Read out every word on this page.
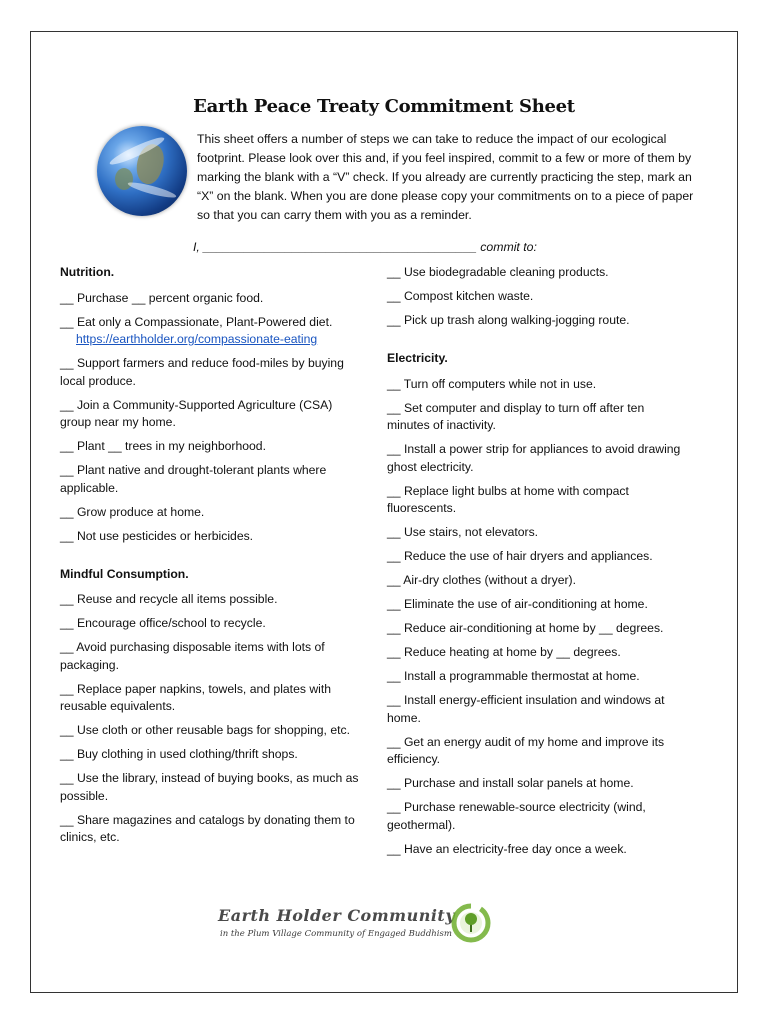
Earth Peace Treaty Commitment Sheet
This sheet offers a number of steps we can take to reduce the impact of our ecological footprint. Please look over this and, if you feel inspired, commit to a few or more of them by marking the blank with a “V” check. If you already are currently practicing the step, mark an “X” on the blank. When you are done please copy your commitments on to a piece of paper so that you can carry them with you as a reminder.
I, ________________________________________ commit to:
Nutrition.
__ Purchase __ percent organic food.
__ Eat only a Compassionate, Plant-Powered diet.
https://earthholder.org/compassionate-eating
__ Support farmers and reduce food-miles by buying local produce.
__ Join a Community-Supported Agriculture (CSA) group near my home.
__ Plant __ trees in my neighborhood.
__ Plant native and drought-tolerant plants where applicable.
__ Grow produce at home.
__ Not use pesticides or herbicides.
Mindful Consumption.
__ Reuse and recycle all items possible.
__ Encourage office/school to recycle.
__ Avoid purchasing disposable items with lots of packaging.
__ Replace paper napkins, towels, and plates with reusable equivalents.
__ Use cloth or other reusable bags for shopping, etc.
__ Buy clothing in used clothing/thrift shops.
__ Use the library, instead of buying books, as much as possible.
__ Share magazines and catalogs by donating them to clinics, etc.
__ Use biodegradable cleaning products.
__ Compost kitchen waste.
__ Pick up trash along walking-jogging route.
Electricity.
__ Turn off computers while not in use.
__ Set computer and display to turn off after ten minutes of inactivity.
__ Install a power strip for appliances to avoid drawing ghost electricity.
__ Replace light bulbs at home with compact fluorescents.
__ Use stairs, not elevators.
__ Reduce the use of hair dryers and appliances.
__ Air-dry clothes (without a dryer).
__ Eliminate the use of air-conditioning at home.
__ Reduce air-conditioning at home by __ degrees.
__ Reduce heating at home by __ degrees.
__ Install a programmable thermostat at home.
__ Install energy-efficient insulation and windows at home.
__ Get an energy audit of my home and improve its efficiency.
__ Purchase and install solar panels at home.
__ Purchase renewable-source electricity (wind, geothermal).
__ Have an electricity-free day once a week.
Earth Holder Community
in the Plum Village Community of Engaged Buddhism
